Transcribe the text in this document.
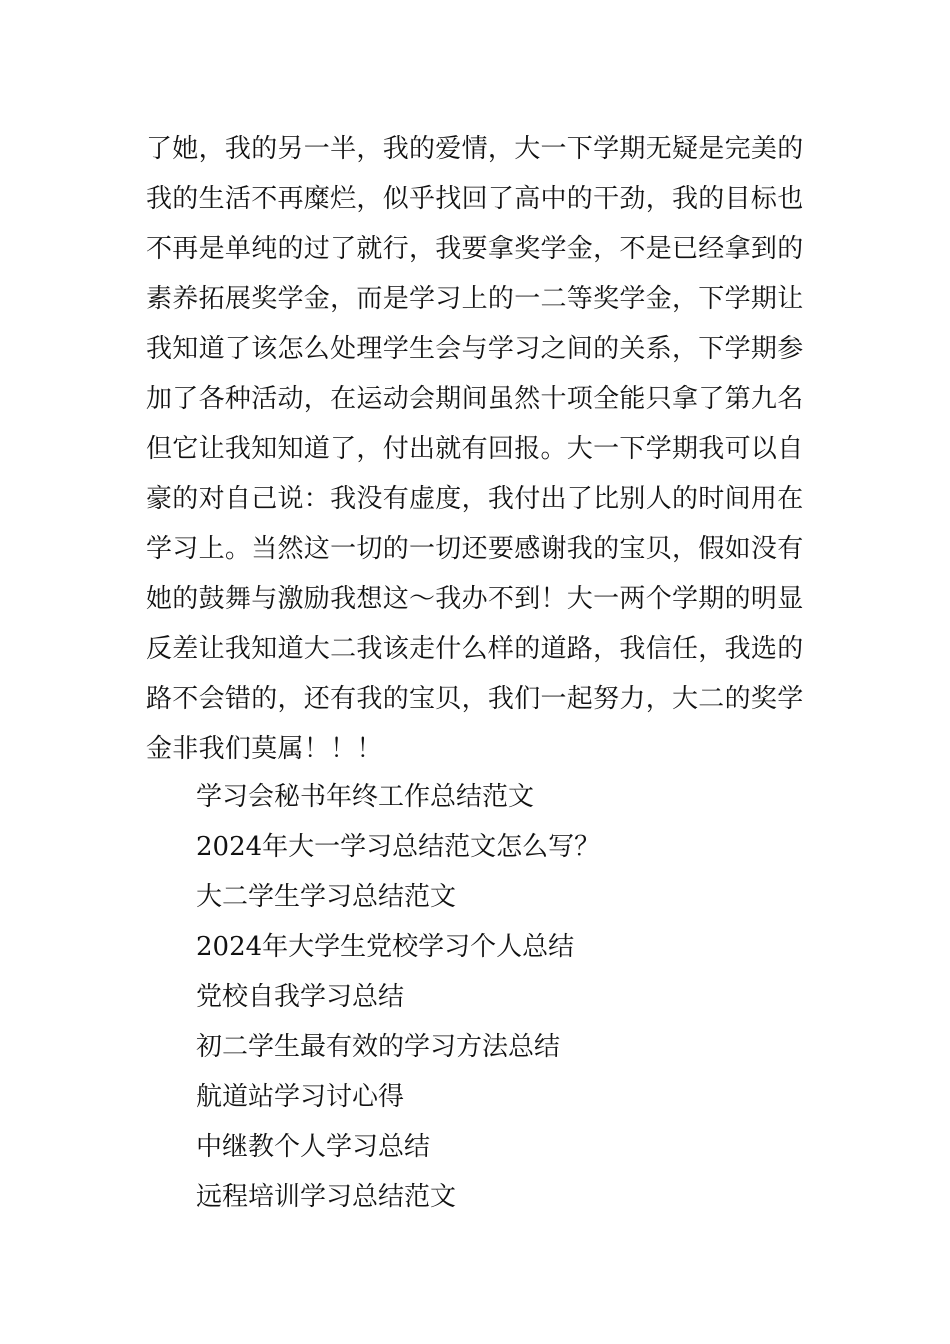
了她，我的另一半，我的爱情，大一下学期无疑是完美的
我的生活不再糜烂，似乎找回了高中的干劲，我的目标也
不再是单纯的过了就行，我要拿奖学金，不是已经拿到的
素养拓展奖学金，而是学习上的一二等奖学金，下学期让
我知道了该怎么处理学生会与学习之间的关系，下学期参
加了各种活动，在运动会期间虽然十项全能只拿了第九名
但它让我知知道了，付出就有回报。大一下学期我可以自
豪的对自己说：我没有虚度，我付出了比别人的时间用在
学习上。当然这一切的一切还要感谢我的宝贝，假如没有
她的鼓舞与激励我想这～我办不到！大一两个学期的明显
反差让我知道大二我该走什么样的道路，我信任，我选的
路不会错的，还有我的宝贝，我们一起努力，大二的奖学
金非我们莫属！！！
学习会秘书年终工作总结范文
2024年大一学习总结范文怎么写？
大二学生学习总结范文
2024年大学生党校学习个人总结
党校自我学习总结
初二学生最有效的学习方法总结
航道站学习讨心得
中继教个人学习总结
远程培训学习总结范文
